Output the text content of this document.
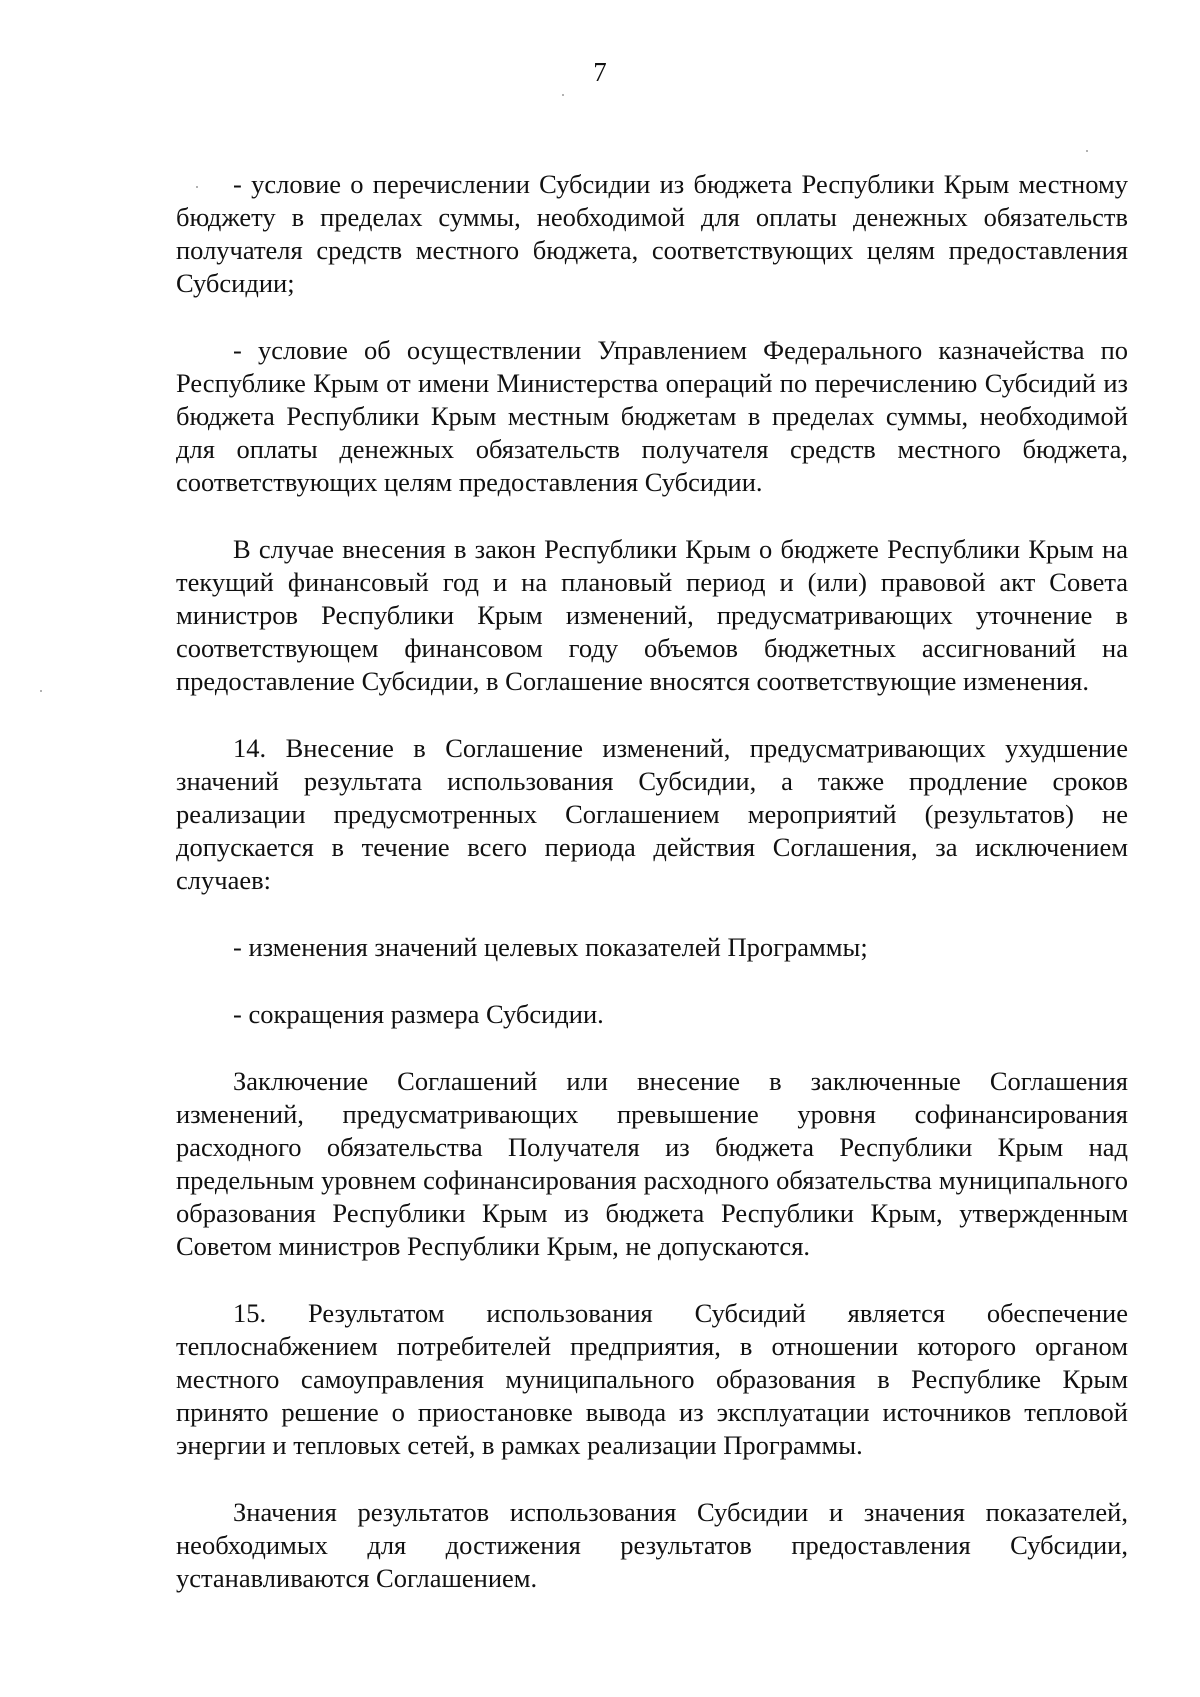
7

- условие о перечислении Субсидии из бюджета Республики Крым местному бюджету в пределах суммы, необходимой для оплаты денежных обязательств получателя средств местного бюджета, соответствующих целям предоставления Субсидии;

- условие об осуществлении Управлением Федерального казначейства по Республике Крым от имени Министерства операций по перечислению Субсидий из бюджета Республики Крым местным бюджетам в пределах суммы, необходимой для оплаты денежных обязательств получателя средств местного бюджета, соответствующих целям предоставления Субсидии.

В случае внесения в закон Республики Крым о бюджете Республики Крым на текущий финансовый год и на плановый период и (или) правовой акт Совета министров Республики Крым изменений, предусматривающих уточнение в соответствующем финансовом году объемов бюджетных ассигнований на предоставление Субсидии, в Соглашение вносятся соответствующие изменения.

14. Внесение в Соглашение изменений, предусматривающих ухудшение значений результата использования Субсидии, а также продление сроков реализации предусмотренных Соглашением мероприятий (результатов) не допускается в течение всего периода действия Соглашения, за исключением случаев:

- изменения значений целевых показателей Программы;

- сокращения размера Субсидии.

Заключение Соглашений или внесение в заключенные Соглашения изменений, предусматривающих превышение уровня софинансирования расходного обязательства Получателя из бюджета Республики Крым над предельным уровнем софинансирования расходного обязательства муниципального образования Республики Крым из бюджета Республики Крым, утвержденным Советом министров Республики Крым, не допускаются.

15. Результатом использования Субсидий является обеспечение теплоснабжением потребителей предприятия, в отношении которого органом местного самоуправления муниципального образования в Республике Крым принято решение о приостановке вывода из эксплуатации источников тепловой энергии и тепловых сетей, в рамках реализации Программы.

Значения результатов использования Субсидии и значения показателей, необходимых для достижения результатов предоставления Субсидии, устанавливаются Соглашением.
